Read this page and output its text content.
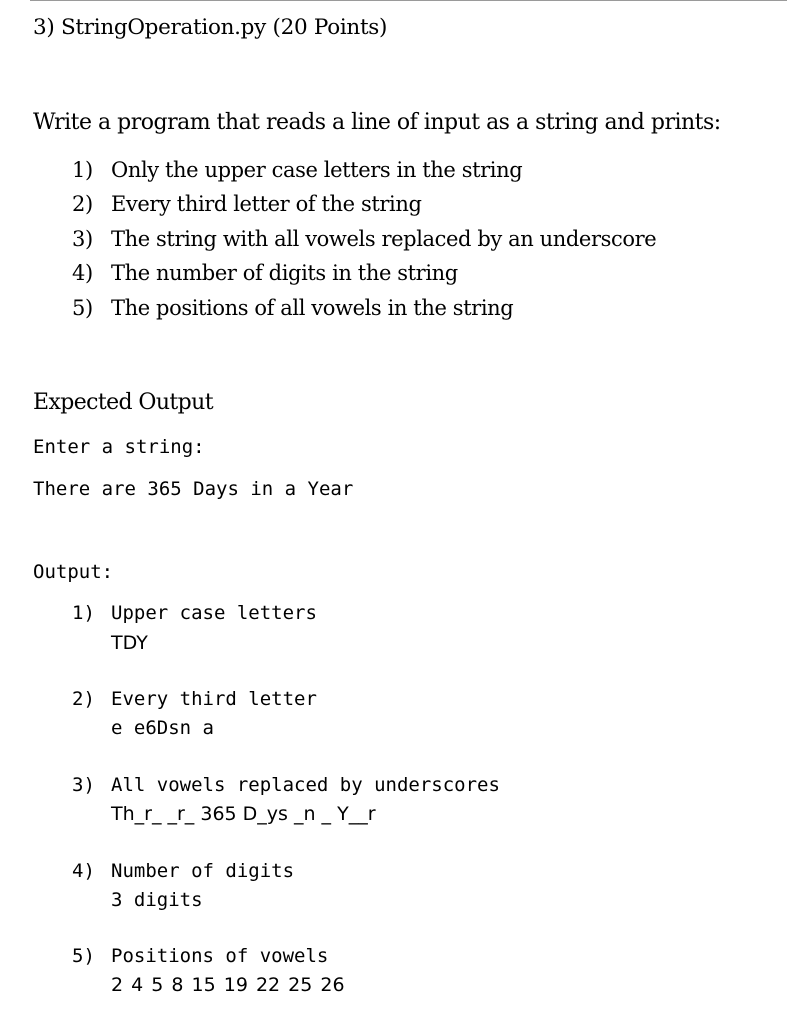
3) StringOperation.py (20 Points)
Write a program that reads a line of input as a string and prints:
1) Only the upper case letters in the string
2) Every third letter of the string
3) The string with all vowels replaced by an underscore
4) The number of digits in the string
5) The positions of all vowels in the string
Expected Output
Enter a string:
There are 365 Days in a Year
Output:
1) Upper case letters
TDY
2) Every third letter
e e6Dsn a
3) All vowels replaced by underscores
Th_r_ _r_ 365 D_ys _n _ Y__r
4) Number of digits
3 digits
5) Positions of vowels
2 4 5 8 15 19 22 25 26
